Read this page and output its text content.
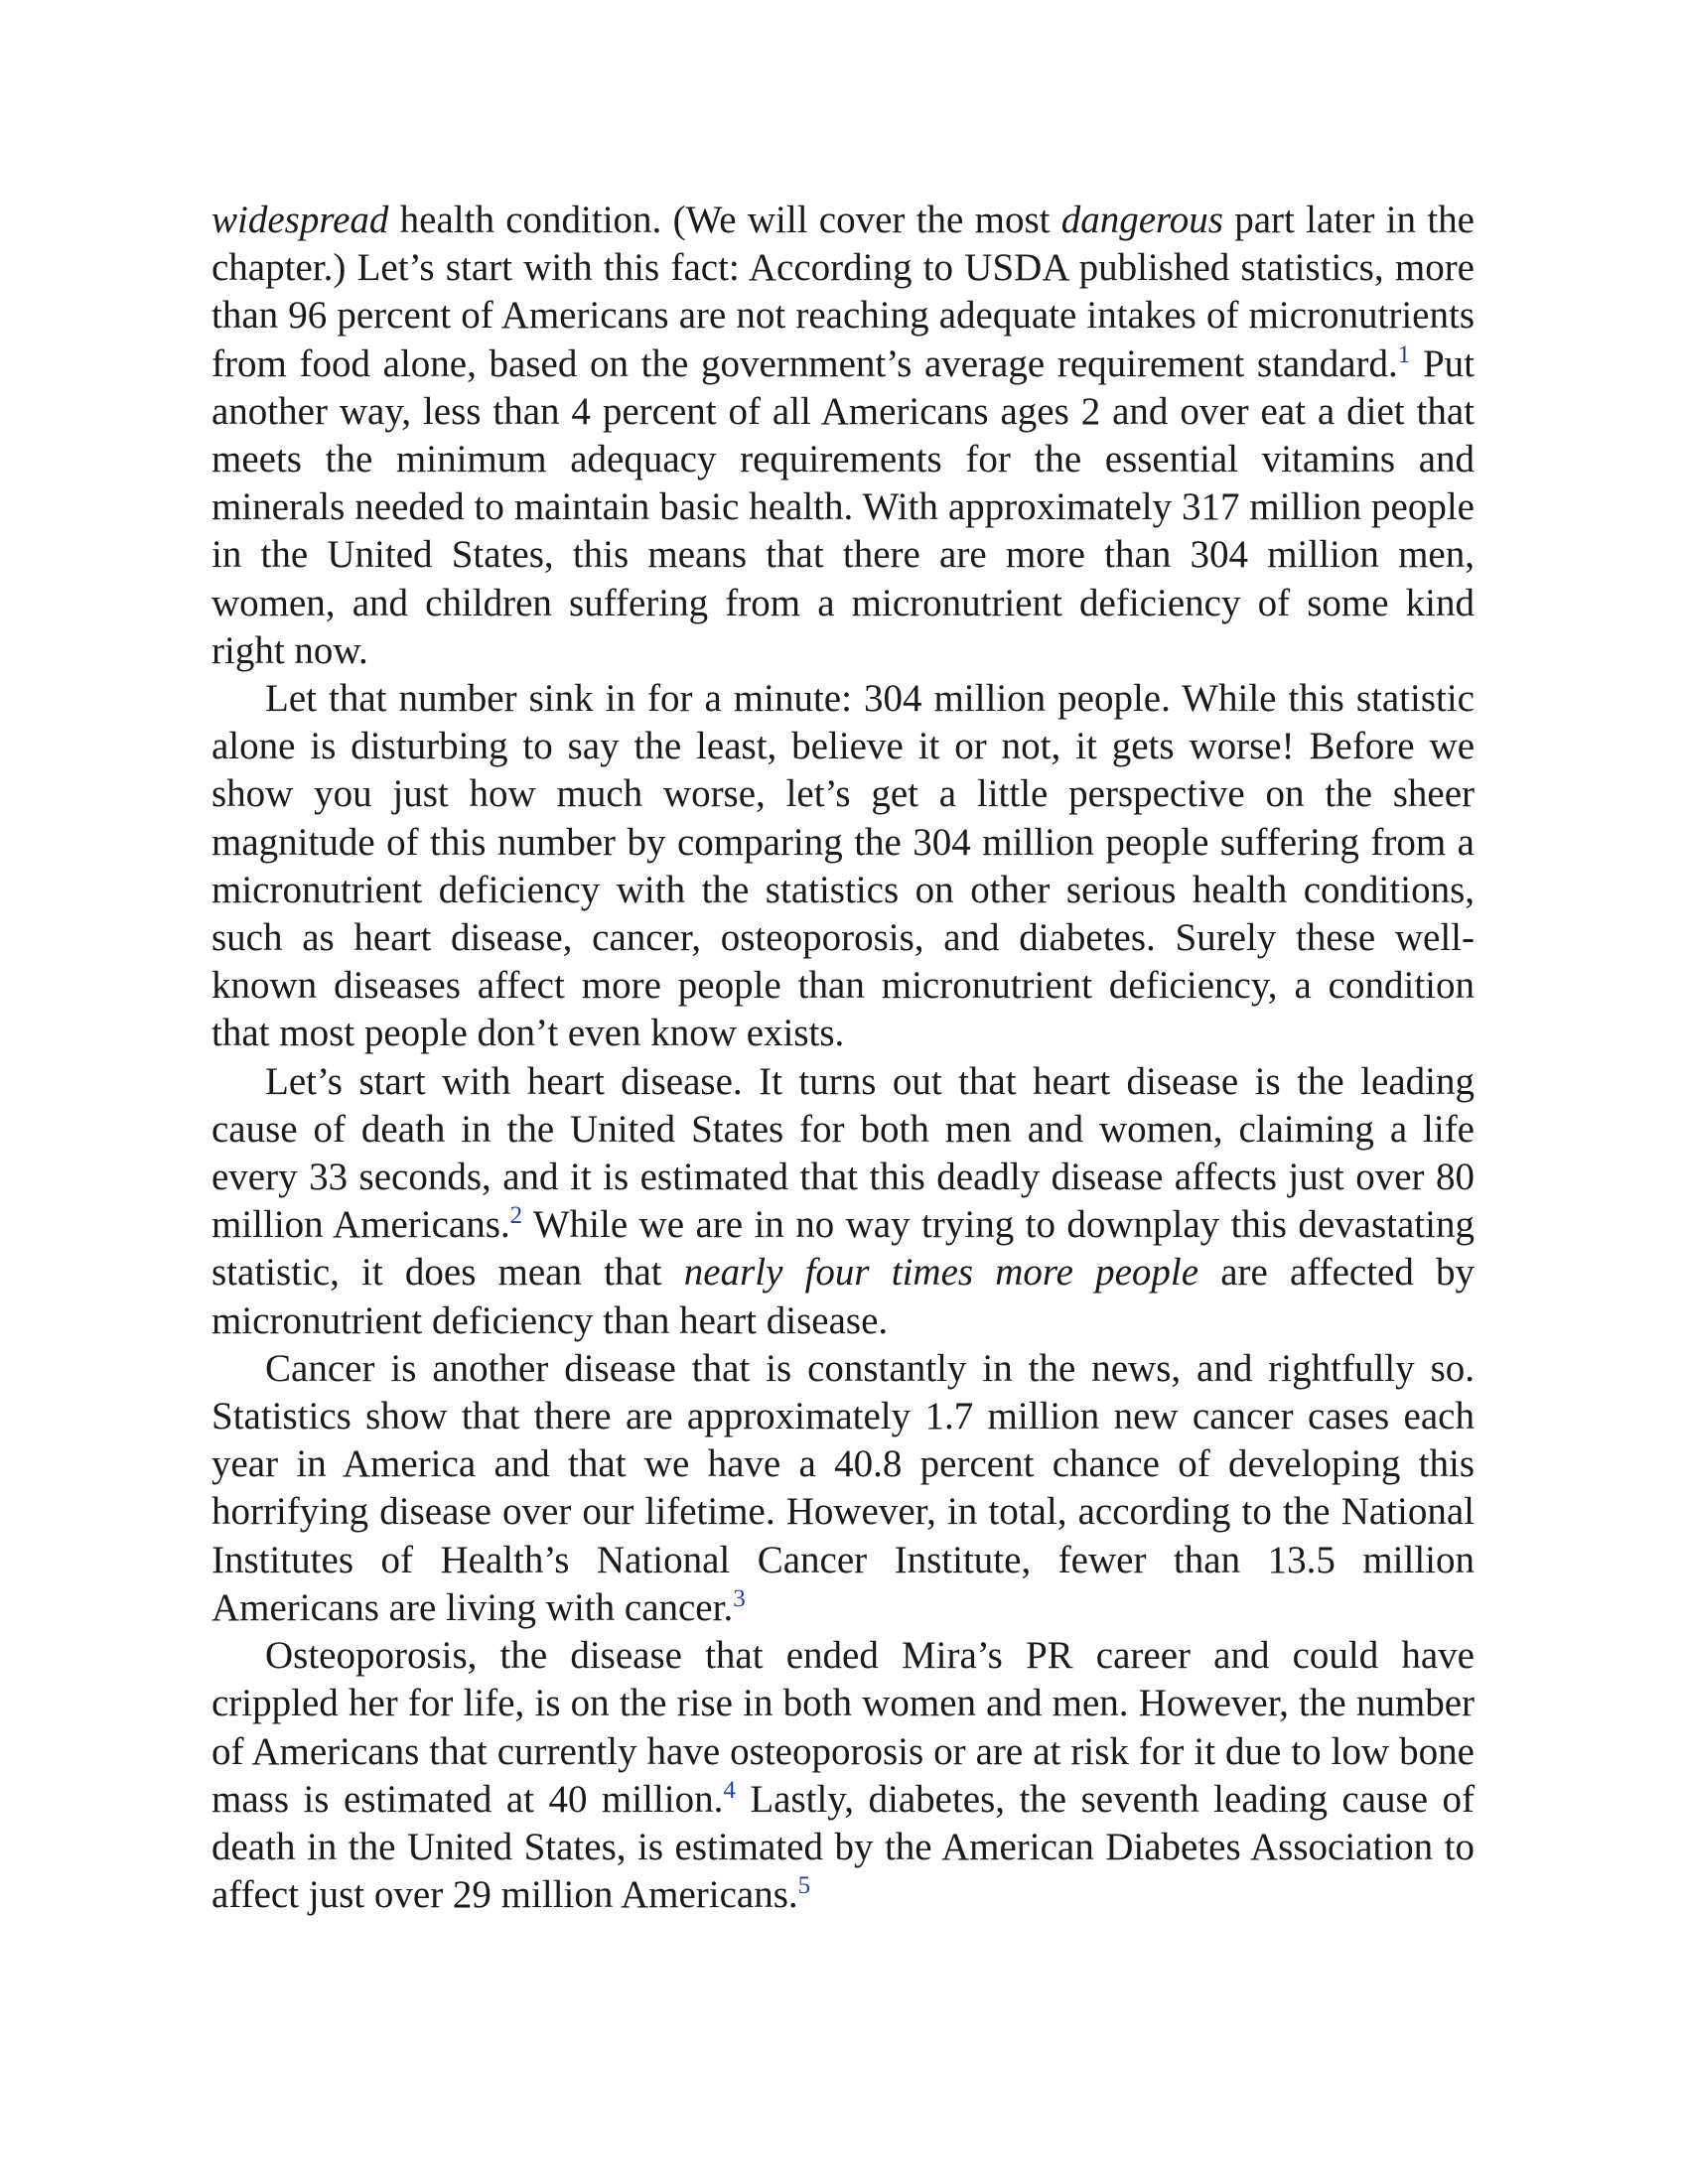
widespread health condition. (We will cover the most dangerous part later in the chapter.) Let’s start with this fact: According to USDA published statistics, more than 96 percent of Americans are not reaching adequate intakes of micronutrients from food alone, based on the government’s average requirement standard.$^1$ Put another way, less than 4 percent of all Americans ages 2 and over eat a diet that meets the minimum adequacy requirements for the essential vitamins and minerals needed to maintain basic health. With approximately 317 million people in the United States, this means that there are more than 304 million men, women, and children suffering from a micronutrient deficiency of some kind right now.

Let that number sink in for a minute: 304 million people. While this statistic alone is disturbing to say the least, believe it or not, it gets worse! Before we show you just how much worse, let’s get a little perspective on the sheer magnitude of this number by comparing the 304 million people suffering from a micronutrient deficiency with the statistics on other serious health conditions, such as heart disease, cancer, osteoporosis, and diabetes. Surely these well-known diseases affect more people than micronutrient deficiency, a condition that most people don’t even know exists.

Let’s start with heart disease. It turns out that heart disease is the leading cause of death in the United States for both men and women, claiming a life every 33 seconds, and it is estimated that this deadly disease affects just over 80 million Americans.$^2$ While we are in no way trying to downplay this devastating statistic, it does mean that nearly four times more people are affected by micronutrient deficiency than heart disease.

Cancer is another disease that is constantly in the news, and rightfully so. Statistics show that there are approximately 1.7 million new cancer cases each year in America and that we have a 40.8 percent chance of developing this horrifying disease over our lifetime. However, in total, according to the National Institutes of Health’s National Cancer Institute, fewer than 13.5 million Americans are living with cancer.$^3$

Osteoporosis, the disease that ended Mira’s PR career and could have crippled her for life, is on the rise in both women and men. However, the number of Americans that currently have osteoporosis or are at risk for it due to low bone mass is estimated at 40 million.$^4$ Lastly, diabetes, the seventh leading cause of death in the United States, is estimated by the American Diabetes Association to affect just over 29 million Americans.$^5$
